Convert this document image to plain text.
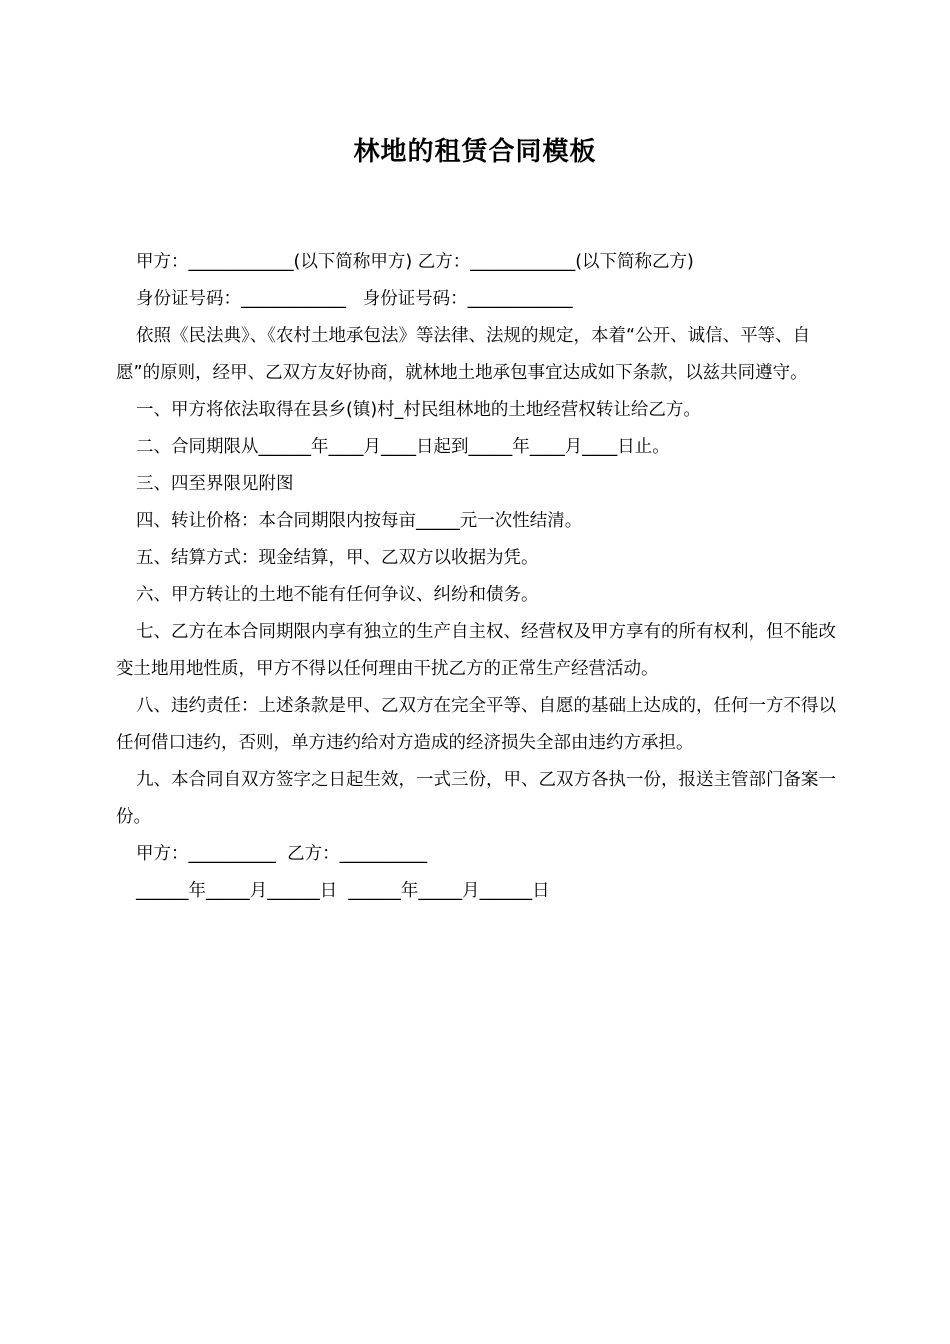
林地的租赁合同模板

甲方：____________(以下简称甲方) 乙方：____________(以下简称乙方)

身份证号码：____________   身份证号码：____________

依照《民法典》、《农村土地承包法》等法律、法规的规定，本着“公开、诚信、平等、自愿”的原则，经甲、乙双方友好协商，就林地土地承包事宜达成如下条款，以兹共同遵守。

一、甲方将依法取得在县乡(镇)村_村民组林地的土地经营权转让给乙方。

二、合同期限从______年____月____日起到_____年____月____日止。

三、四至界限见附图

四、转让价格：本合同期限内按每亩_____元一次性结清。

五、结算方式：现金结算，甲、乙双方以收据为凭。

六、甲方转让的土地不能有任何争议、纠纷和债务。

七、乙方在本合同期限内享有独立的生产自主权、经营权及甲方享有的所有权利，但不能改变土地用地性质，甲方不得以任何理由干扰乙方的正常生产经营活动。

八、违约责任：上述条款是甲、乙双方在完全平等、自愿的基础上达成的，任何一方不得以任何借口违约，否则，单方违约给对方造成的经济损失全部由违约方承担。

九、本合同自双方签字之日起生效，一式三份，甲、乙双方各执一份，报送主管部门备案一份。

甲方：__________  乙方：__________

______年_____月______日  ______年_____月______日
